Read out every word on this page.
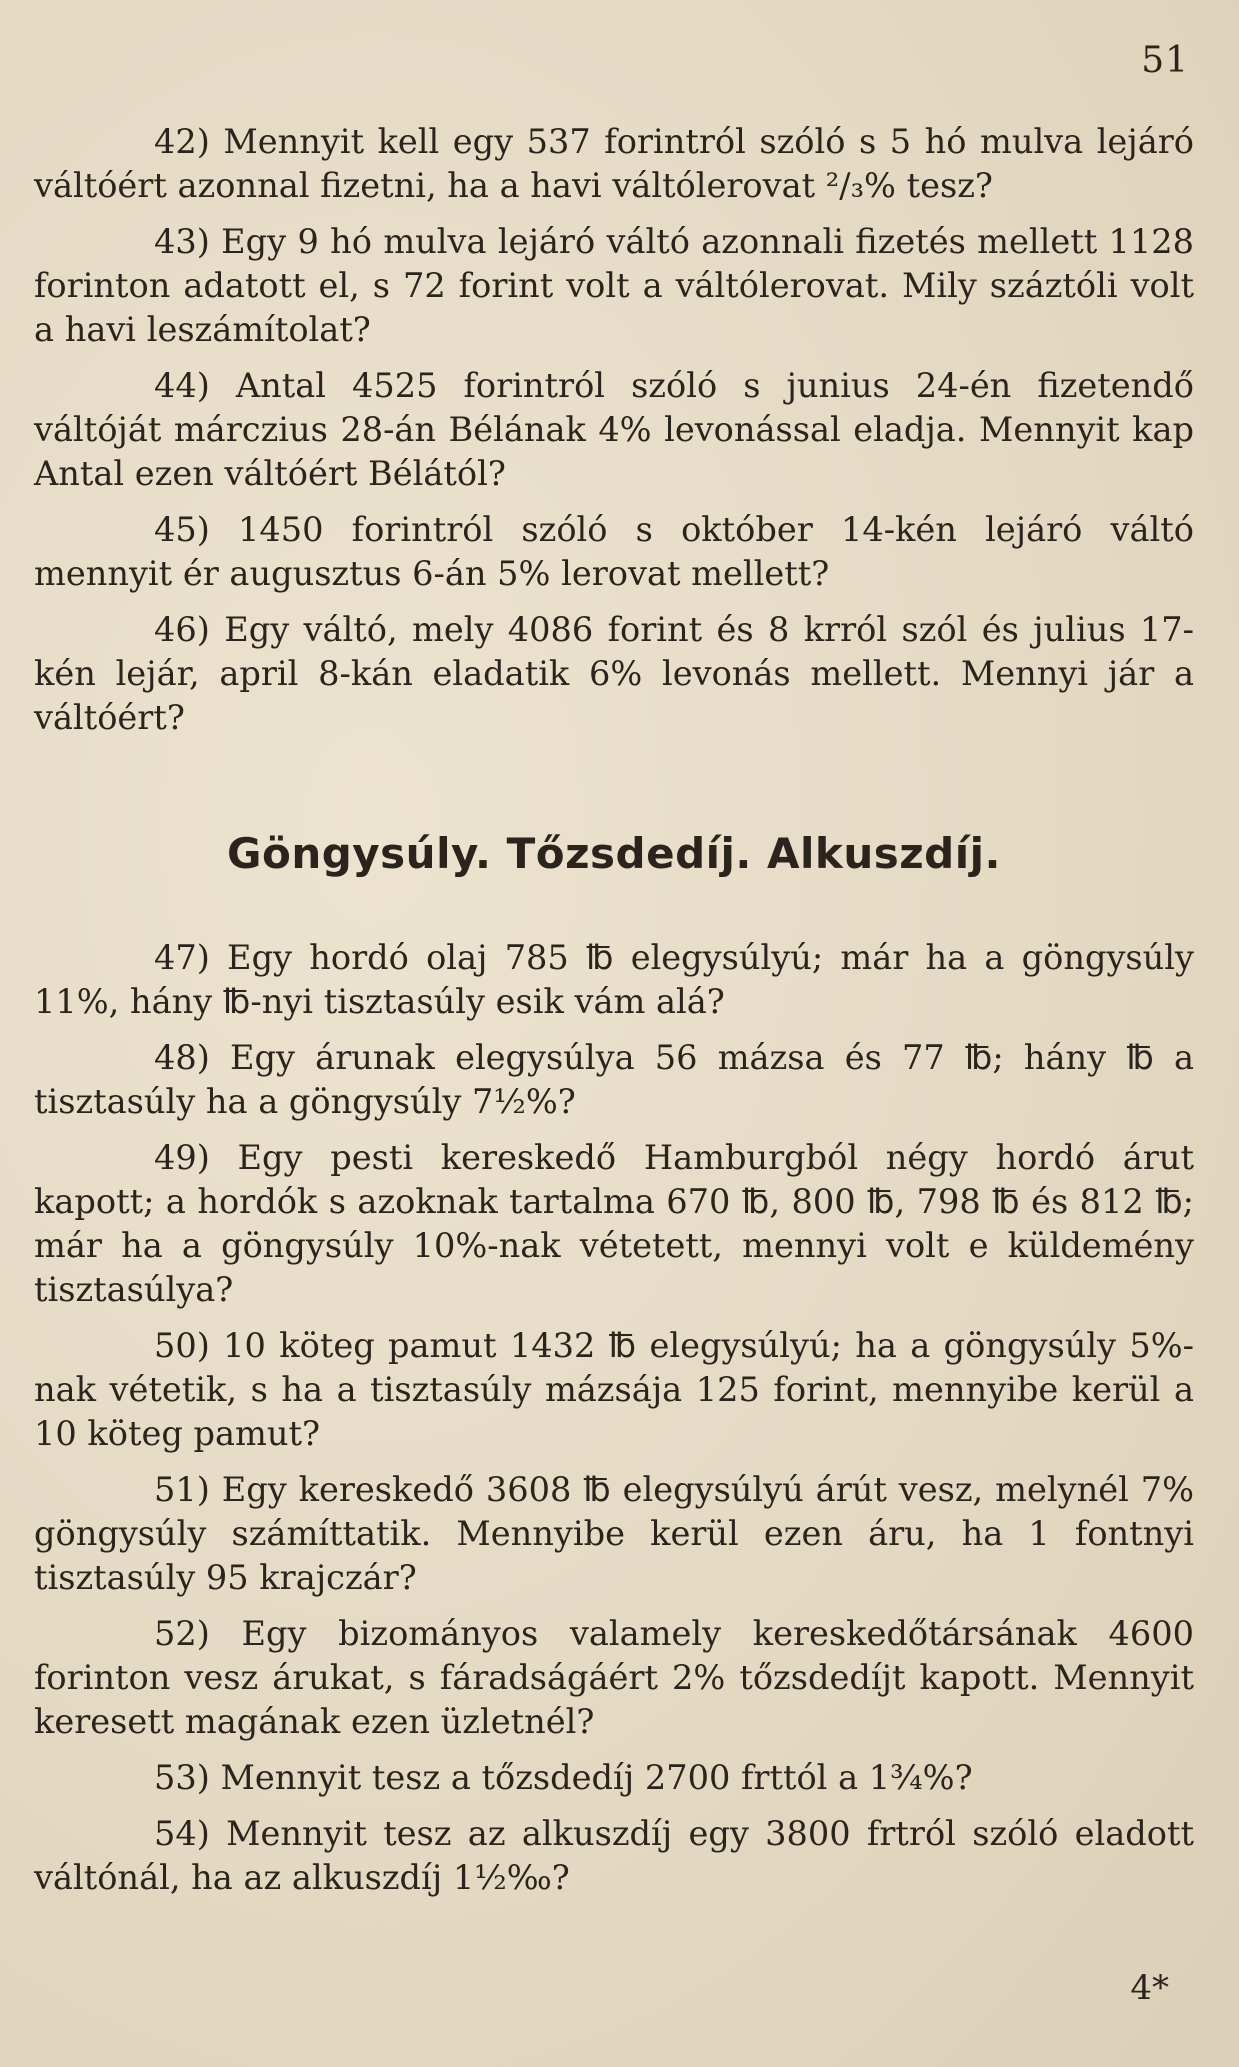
51

42) Mennyit kell egy 537 forintról szóló s 5 hó mulva lejáró váltóért azonnal fizetni, ha a havi váltólerovat ²/₃% tesz?

43) Egy 9 hó mulva lejáró váltó azonnali fizetés mellett 1128 forinton adatott el, s 72 forint volt a váltólerovat. Mily száztóli volt a havi leszámítolat?

44) Antal 4525 forintról szóló s junius 24-én fizetendő váltóját márczius 28-án Bélának 4% levonással eladja. Mennyit kap Antal ezen váltóért Bélától?

45) 1450 forintról szóló s október 14-kén lejáró váltó mennyit ér augusztus 6-án 5% lerovat mellett?

46) Egy váltó, mely 4086 forint és 8 krról szól és julius 17-kén lejár, april 8-kán eladatik 6% levonás mellett. Mennyi jár a váltóért?

Göngysúly. Tőzsdedíj. Alkuszdíj.

47) Egy hordó olaj 785 ℔ elegysúlyú; már ha a göngysúly 11%, hány ℔-nyi tisztasúly esik vám alá?

48) Egy árunak elegysúlya 56 mázsa és 77 ℔; hány ℔ a tisztasúly ha a göngysúly 7½%?

49) Egy pesti kereskedő Hamburgból négy hordó árut kapott; a hordók s azoknak tartalma 670 ℔, 800 ℔, 798 ℔ és 812 ℔; már ha a göngysúly 10%-nak vétetett, mennyi volt e küldemény tisztasúlya?

50) 10 köteg pamut 1432 ℔ elegysúlyú; ha a göngysúly 5%-nak vétetik, s ha a tisztasúly mázsája 125 forint, mennyibe kerül a 10 köteg pamut?

51) Egy kereskedő 3608 ℔ elegysúlyú árút vesz, melynél 7% göngysúly számíttatik. Mennyibe kerül ezen áru, ha 1 fontnyi tisztasúly 95 krajczár?

52) Egy bizományos valamely kereskedőtársának 4600 forinton vesz árukat, s fáradságáért 2% tőzsdedíjt kapott. Mennyit keresett magának ezen üzletnél?

53) Mennyit tesz a tőzsdedíj 2700 frttól a 1¾%?

54) Mennyit tesz az alkuszdíj egy 3800 frtról szóló eladott váltónál, ha az alkuszdíj 1½‰?

4*
